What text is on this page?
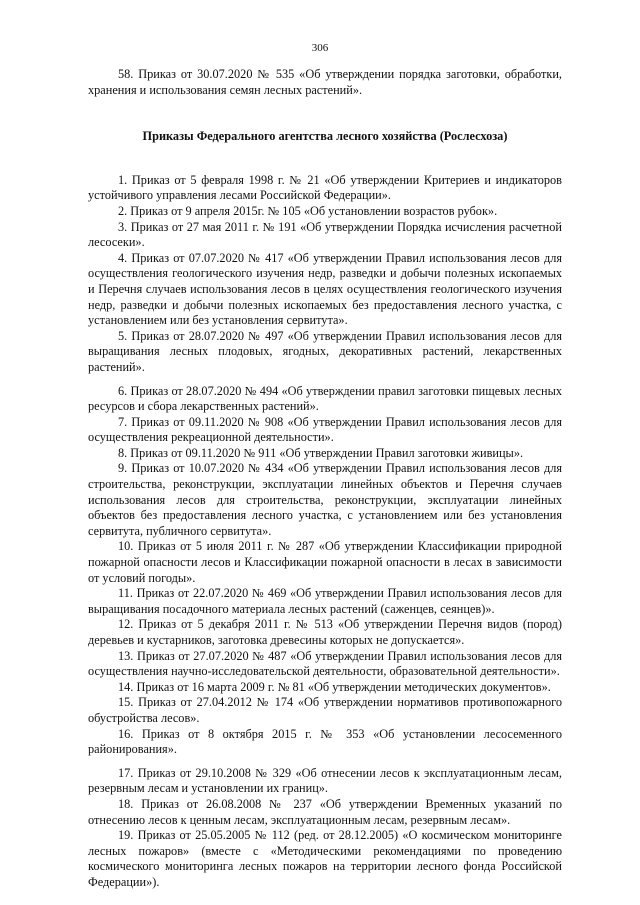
306

58. Приказ от 30.07.2020 № 535 «Об утверждении порядка заготовки, обработки, хранения и использования семян лесных растений».

Приказы Федерального агентства лесного хозяйства (Рослесхоза)

1. Приказ от 5 февраля 1998 г. № 21 «Об утверждении Критериев и индикаторов устойчивого управления лесами Российской Федерации».

2. Приказ от 9 апреля 2015г. № 105 «Об установлении возрастов рубок».

3. Приказ от 27 мая 2011 г. № 191 «Об утверждении Порядка исчисления расчетной лесосеки».

4. Приказ от 07.07.2020 № 417 «Об утверждении Правил использования лесов для осуществления геологического изучения недр, разведки и добычи полезных ископаемых и Перечня случаев использования лесов в целях осуществления геологического изучения недр, разведки и добычи полезных ископаемых без предоставления лесного участка, с установлением или без установления сервитута».

5. Приказ от 28.07.2020 № 497 «Об утверждении Правил использования лесов для выращивания лесных плодовых, ягодных, декоративных растений, лекарственных растений».

6. Приказ от 28.07.2020 № 494 «Об утверждении правил заготовки пищевых лесных ресурсов и сбора лекарственных растений».

7. Приказ от 09.11.2020 № 908 «Об утверждении Правил использования лесов для осуществления рекреационной деятельности».

8. Приказ от 09.11.2020 № 911 «Об утверждении Правил заготовки живицы».

9. Приказ от 10.07.2020 № 434 «Об утверждении Правил использования лесов для строительства, реконструкции, эксплуатации линейных объектов и Перечня случаев использования лесов для строительства, реконструкции, эксплуатации линейных объектов без предоставления лесного участка, с установлением или без установления сервитута, публичного сервитута».

10. Приказ от 5 июля 2011 г. № 287 «Об утверждении Классификации природной пожарной опасности лесов и Классификации пожарной опасности в лесах в зависимости от условий погоды».

11. Приказ от 22.07.2020 № 469 «Об утверждении Правил использования лесов для выращивания посадочного материала лесных растений (саженцев, сеянцев)».

12. Приказ от 5 декабря 2011 г. № 513 «Об утверждении Перечня видов (пород) деревьев и кустарников, заготовка древесины которых не допускается».

13. Приказ от 27.07.2020 № 487 «Об утверждении Правил использования лесов для осуществления научно-исследовательской деятельности, образовательной деятельности».

14. Приказ от 16 марта 2009 г. № 81 «Об утверждении методических документов».

15. Приказ от 27.04.2012 № 174 «Об утверждении нормативов противопожарного обустройства лесов».

16. Приказ от 8 октября 2015 г. № 353 «Об установлении лесосеменного районирования».

17. Приказ от 29.10.2008 № 329 «Об отнесении лесов к эксплуатационным лесам, резервным лесам и установлении их границ».

18. Приказ от 26.08.2008 № 237 «Об утверждении Временных указаний по отнесению лесов к ценным лесам, эксплуатационным лесам, резервным лесам».

19. Приказ от 25.05.2005 № 112 (ред. от 28.12.2005) «О космическом мониторинге лесных пожаров» (вместе с «Методическими рекомендациями по проведению космического мониторинга лесных пожаров на территории лесного фонда Российской Федерации»).
